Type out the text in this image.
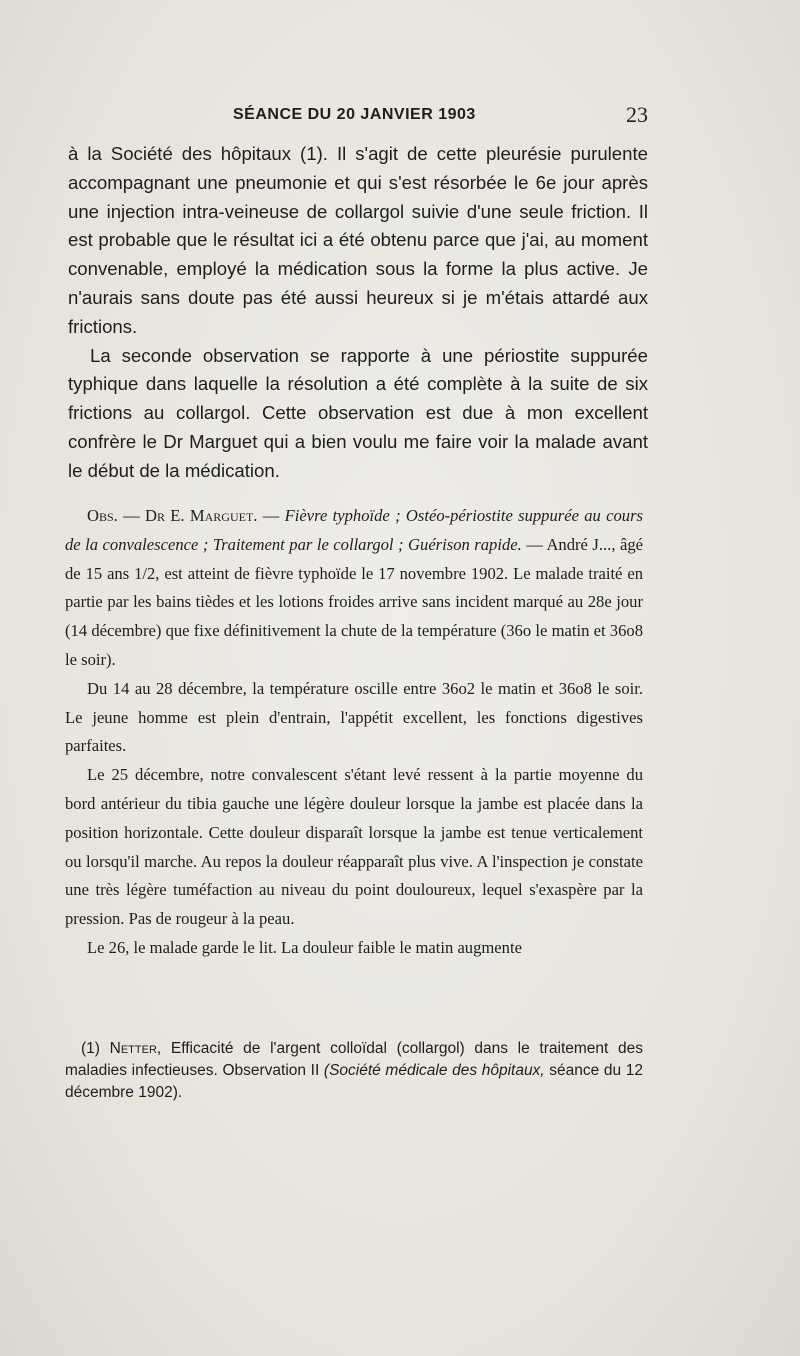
SÉANCE DU 20 JANVIER 1903	23

à la Société des hôpitaux (1). Il s'agit de cette pleurésie purulente accompagnant une pneumonie et qui s'est résorbée le 6e jour après une injection intra-veineuse de collargol suivie d'une seule friction. Il est probable que le résultat ici a été obtenu parce que j'ai, au moment convenable, employé la médication sous la forme la plus active. Je n'aurais sans doute pas été aussi heureux si je m'étais attardé aux frictions.

La seconde observation se rapporte à une périostite suppurée typhique dans laquelle la résolution a été complète à la suite de six frictions au collargol. Cette observation est due à mon excellent confrère le Dr Marguet qui a bien voulu me faire voir la malade avant le début de la médication.

Obs. — Dr E. Marguet. — Fièvre typhoïde ; Ostéo-périostite suppurée au cours de la convalescence ; Traitement par le collargol ; Guérison rapide. — André J..., âgé de 15 ans 1/2, est atteint de fièvre typhoïde le 17 novembre 1902. Le malade traité en partie par les bains tièdes et les lotions froides arrive sans incident marqué au 28e jour (14 décembre) que fixe définitivement la chute de la température (36o le matin et 36o8 le soir).

Du 14 au 28 décembre, la température oscille entre 36o2 le matin et 36o8 le soir. Le jeune homme est plein d'entrain, l'appétit excellent, les fonctions digestives parfaites.

Le 25 décembre, notre convalescent s'étant levé ressent à la partie moyenne du bord antérieur du tibia gauche une légère douleur lorsque la jambe est placée dans la position horizontale. Cette douleur disparaît lorsque la jambe est tenue verticalement ou lorsqu'il marche. Au repos la douleur réapparaît plus vive. A l'inspection je constate une très légère tuméfaction au niveau du point douloureux, lequel s'exaspère par la pression. Pas de rougeur à la peau.

Le 26, le malade garde le lit. La douleur faible le matin augmente

(1) Netter, Efficacité de l'argent colloïdal (collargol) dans le traitement des maladies infectieuses. Observation II (Société médicale des hôpitaux, séance du 12 décembre 1902).
